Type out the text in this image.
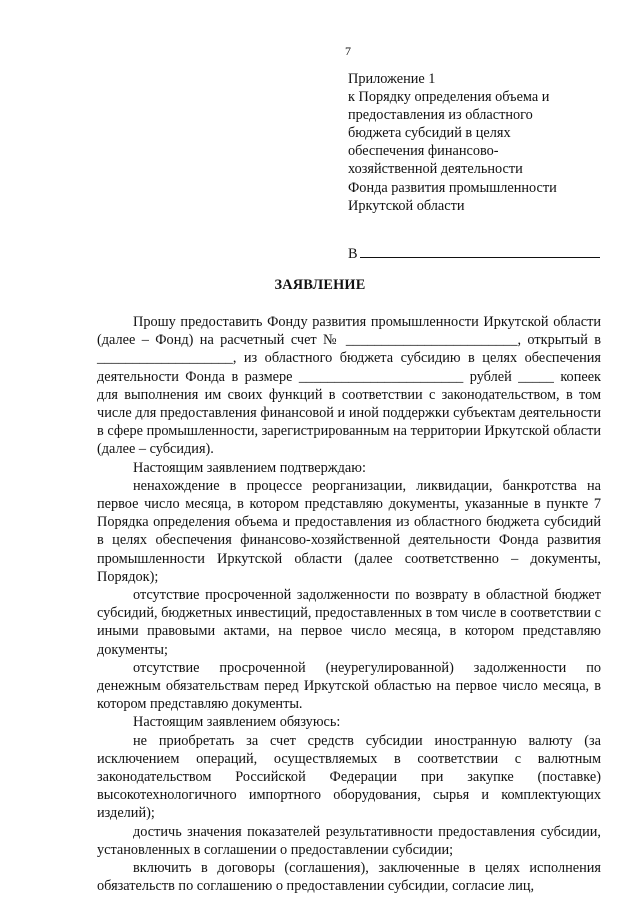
7
Приложение 1
к Порядку определения объема и
предоставления из областного
бюджета субсидий в целях
обеспечения финансово-
хозяйственной деятельности
Фонда развития промышленности
Иркутской области
В
ЗАЯВЛЕНИЕ

Прошу предоставить Фонду развития промышленности Иркутской области (далее – Фонд) на расчетный счет № ________________________, открытый в ___________________, из областного бюджета субсидию в целях обеспечения деятельности Фонда в размере _______________________ рублей _____ копеек для выполнения им своих функций в соответствии с законодательством, в том числе для предоставления финансовой и иной поддержки субъектам деятельности в сфере промышленности, зарегистрированным на территории Иркутской области (далее – субсидия).

Настоящим заявлением подтверждаю:

ненахождение в процессе реорганизации, ликвидации, банкротства на первое число месяца, в котором представляю документы, указанные в пункте 7 Порядка определения объема и предоставления из областного бюджета субсидий в целях обеспечения финансово-хозяйственной деятельности Фонда развития промышленности Иркутской области (далее соответственно – документы, Порядок);

отсутствие просроченной задолженности по возврату в областной бюджет субсидий, бюджетных инвестиций, предоставленных в том числе в соответствии с иными правовыми актами, на первое число месяца, в котором представляю документы;

отсутствие просроченной (неурегулированной) задолженности по денежным обязательствам перед Иркутской областью на первое число месяца, в котором представляю документы.

Настоящим заявлением обязуюсь:

не приобретать за счет средств субсидии иностранную валюту (за исключением операций, осуществляемых в соответствии с валютным законодательством Российской Федерации при закупке (поставке) высокотехнологичного импортного оборудования, сырья и комплектующих изделий);

достичь значения показателей результативности предоставления субсидии, установленных в соглашении о предоставлении субсидии;

включить в договоры (соглашения), заключенные в целях исполнения обязательств по соглашению о предоставлении субсидии, согласие лиц,
